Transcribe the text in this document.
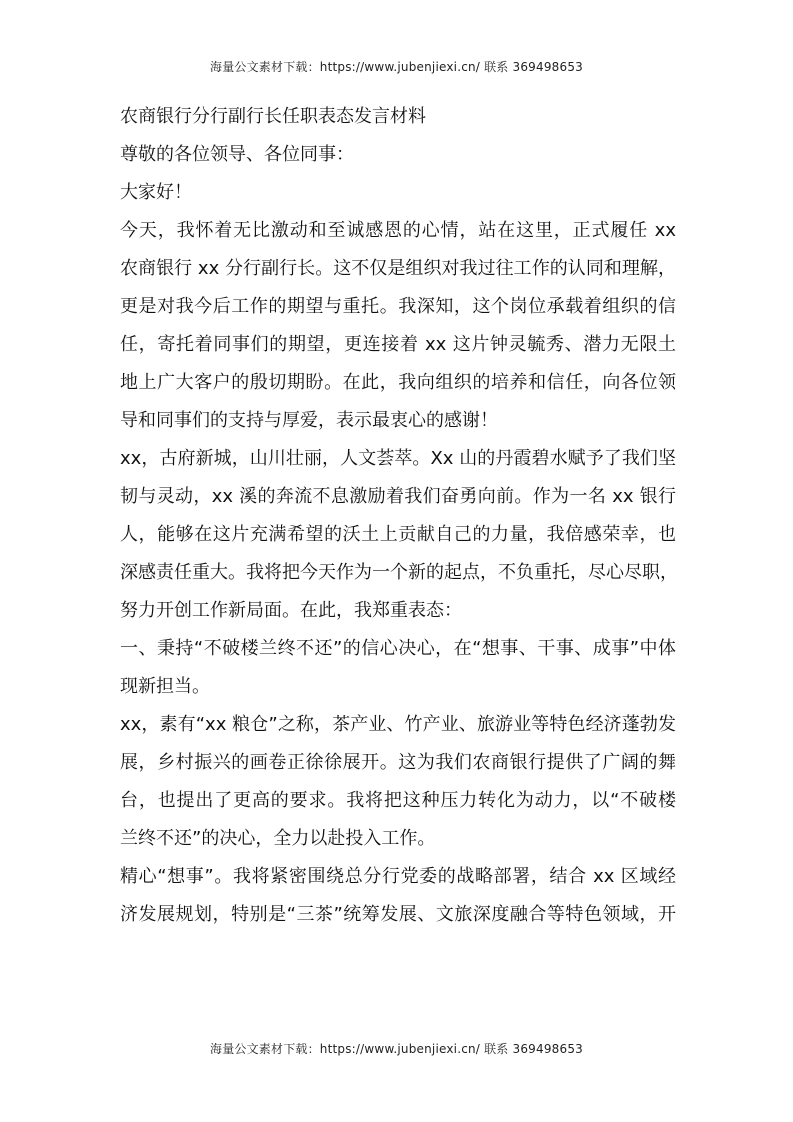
海量公文素材下载：https://www.jubenjiexi.cn/ 联系 369498653
农商银行分行副行长任职表态发言材料
尊敬的各位领导、各位同事：
大家好！
今天，我怀着无比激动和至诚感恩的心情，站在这里，正式履任 xx
农商银行 xx 分行副行长。这不仅是组织对我过往工作的认同和理解，
更是对我今后工作的期望与重托。我深知，这个岗位承载着组织的信
任，寄托着同事们的期望，更连接着 xx 这片钟灵毓秀、潜力无限土
地上广大客户的殷切期盼。在此，我向组织的培养和信任，向各位领
导和同事们的支持与厚爱，表示最衷心的感谢！
xx，古府新城，山川壮丽，人文荟萃。Xx 山的丹霞碧水赋予了我们坚
韧与灵动，xx 溪的奔流不息激励着我们奋勇向前。作为一名 xx 银行
人，能够在这片充满希望的沃土上贡献自己的力量，我倍感荣幸，也
深感责任重大。我将把今天作为一个新的起点，不负重托，尽心尽职，
努力开创工作新局面。在此，我郑重表态：
一、秉持“不破楼兰终不还”的信心决心，在“想事、干事、成事”中体
现新担当。
xx，素有“xx 粮仓”之称，茶产业、竹产业、旅游业等特色经济蓬勃发
展，乡村振兴的画卷正徐徐展开。这为我们农商银行提供了广阔的舞
台，也提出了更高的要求。我将把这种压力转化为动力，以“不破楼
兰终不还”的决心，全力以赴投入工作。
精心“想事”。我将紧密围绕总分行党委的战略部署，结合 xx 区域经
济发展规划，特别是“三茶”统筹发展、文旅深度融合等特色领域，开
海量公文素材下载：https://www.jubenjiexi.cn/ 联系 369498653
